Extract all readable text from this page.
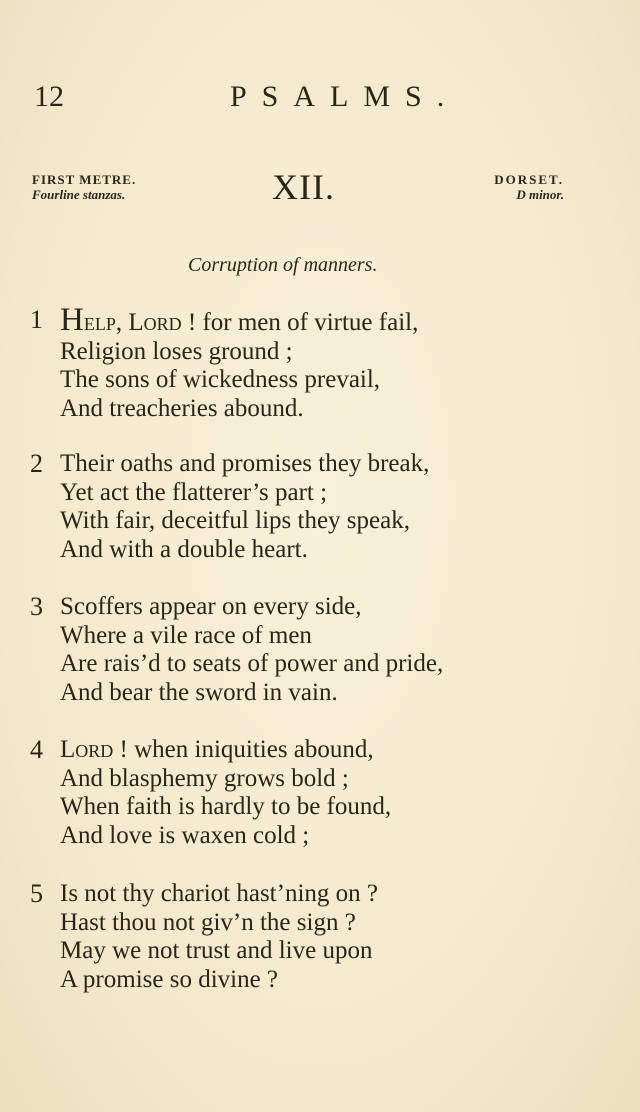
12	PSALMS.
FIRST METRE.
Fourline stanzas.	XII.	DORSET.
D minor.
Corruption of manners.
1 Help, Lord ! for men of virtue fail,
Religion loses ground ;
The sons of wickedness prevail,
And treacheries abound.
2 Their oaths and promises they break,
Yet act the flatterer’s part ;
With fair, deceitful lips they speak,
And with a double heart.
3 Scoffers appear on every side,
Where a vile race of men
Are rais’d to seats of power and pride,
And bear the sword in vain.
4 Lord ! when iniquities abound,
And blasphemy grows bold ;
When faith is hardly to be found,
And love is waxen cold ;
5 Is not thy chariot hast’ning on ?
Hast thou not giv’n the sign ?
May we not trust and live upon
A promise so divine ?
